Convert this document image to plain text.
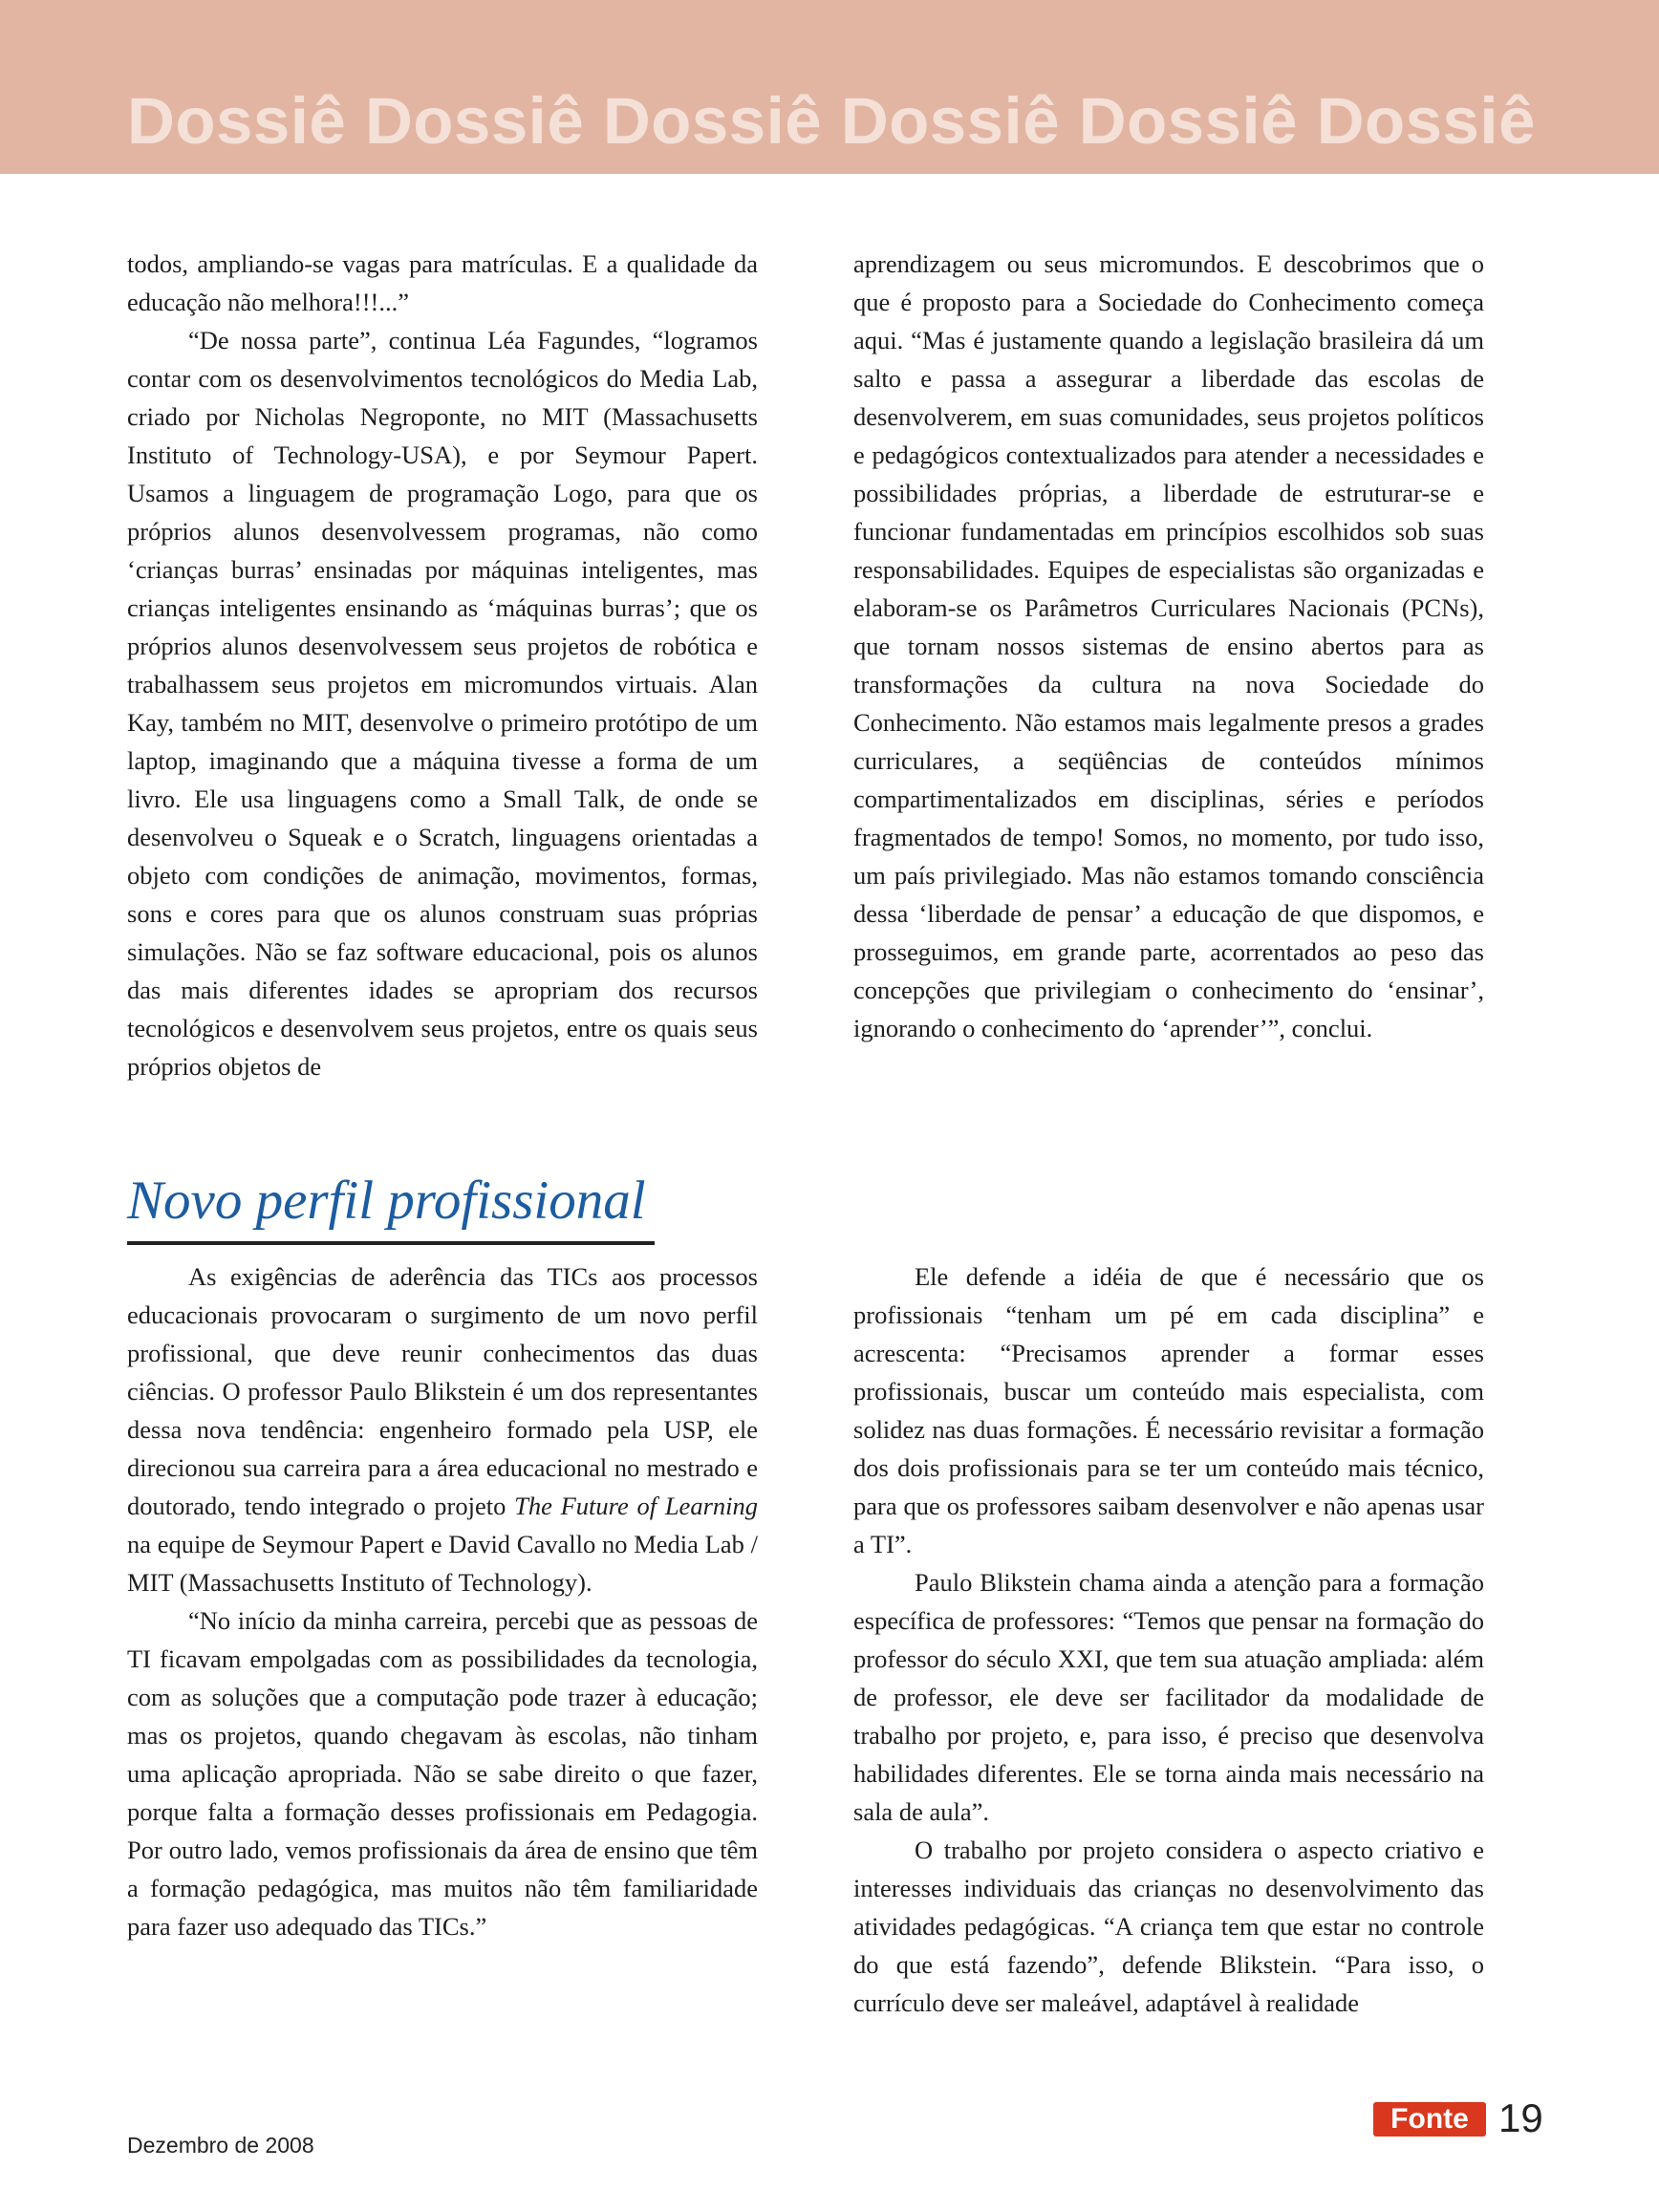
Dossiê Dossiê Dossiê Dossiê Dossiê Dossiê

todos, ampliando-se vagas para matrículas. E a qualidade da educação não melhora!!!...”

“De nossa parte”, continua Léa Fagundes, “logramos contar com os desenvolvimentos tecnológicos do Media Lab, criado por Nicholas Negroponte, no MIT (Massachusetts Instituto of Technology-USA), e por Seymour Papert. Usamos a linguagem de programação Logo, para que os próprios alunos desenvolvessem programas, não como ‘crianças burras’ ensinadas por máquinas inteligentes, mas crianças inteligentes ensinando as ‘máquinas burras’; que os próprios alunos desenvolvessem seus projetos de robótica e trabalhassem seus projetos em micromundos virtuais. Alan Kay, também no MIT, desenvolve o primeiro protótipo de um laptop, imaginando que a máquina tivesse a forma de um livro. Ele usa linguagens como a Small Talk, de onde se desenvolveu o Squeak e o Scratch, linguagens orientadas a objeto com condições de animação, movimentos, formas, sons e cores para que os alunos construam suas próprias simulações. Não se faz software educacional, pois os alunos das mais diferentes idades se apropriam dos recursos tecnológicos e desenvolvem seus projetos, entre os quais seus próprios objetos de

aprendizagem ou seus micromundos. E descobrimos que o que é proposto para a Sociedade do Conhecimento começa aqui. “Mas é justamente quando a legislação brasileira dá um salto e passa a assegurar a liberdade das escolas de desenvolverem, em suas comunidades, seus projetos políticos e pedagógicos contextualizados para atender a necessidades e possibilidades próprias, a liberdade de estruturar-se e funcionar fundamentadas em princípios escolhidos sob suas responsabilidades. Equipes de especialistas são organizadas e elaboram-se os Parâmetros Curriculares Nacionais (PCNs), que tornam nossos sistemas de ensino abertos para as transformações da cultura na nova Sociedade do Conhecimento. Não estamos mais legalmente presos a grades curriculares, a seqüências de conteúdos mínimos compartimentalizados em disciplinas, séries e períodos fragmentados de tempo! Somos, no momento, por tudo isso, um país privilegiado. Mas não estamos tomando consciência dessa ‘liberdade de pensar’ a educação de que dispomos, e prosseguimos, em grande parte, acorrentados ao peso das concepções que privilegiam o conhecimento do ‘ensinar’, ignorando o conhecimento do ‘aprender’”, conclui.

Novo perfil profissional

As exigências de aderência das TICs aos processos educacionais provocaram o surgimento de um novo perfil profissional, que deve reunir conhecimentos das duas ciências. O professor Paulo Blikstein é um dos representantes dessa nova tendência: engenheiro formado pela USP, ele direcionou sua carreira para a área educacional no mestrado e doutorado, tendo integrado o projeto The Future of Learning na equipe de Seymour Papert e David Cavallo no Media Lab / MIT (Massachusetts Instituto of Technology).

“No início da minha carreira, percebi que as pessoas de TI ficavam empolgadas com as possibilidades da tecnologia, com as soluções que a computação pode trazer à educação; mas os projetos, quando chegavam às escolas, não tinham uma aplicação apropriada. Não se sabe direito o que fazer, porque falta a formação desses profissionais em Pedagogia. Por outro lado, vemos profissionais da área de ensino que têm a formação pedagógica, mas muitos não têm familiaridade para fazer uso adequado das TICs.”

Ele defende a idéia de que é necessário que os profissionais “tenham um pé em cada disciplina” e acrescenta: “Precisamos aprender a formar esses profissionais, buscar um conteúdo mais especialista, com solidez nas duas formações. É necessário revisitar a formação dos dois profissionais para se ter um conteúdo mais técnico, para que os professores saibam desenvolver e não apenas usar a TI”.

Paulo Blikstein chama ainda a atenção para a formação específica de professores: “Temos que pensar na formação do professor do século XXI, que tem sua atuação ampliada: além de professor, ele deve ser facilitador da modalidade de trabalho por projeto, e, para isso, é preciso que desenvolva habilidades diferentes. Ele se torna ainda mais necessário na sala de aula”.

O trabalho por projeto considera o aspecto criativo e interesses individuais das crianças no desenvolvimento das atividades pedagógicas. “A criança tem que estar no controle do que está fazendo”, defende Blikstein. “Para isso, o currículo deve ser maleável, adaptável à realidade

Dezembro de 2008
Fonte 19
